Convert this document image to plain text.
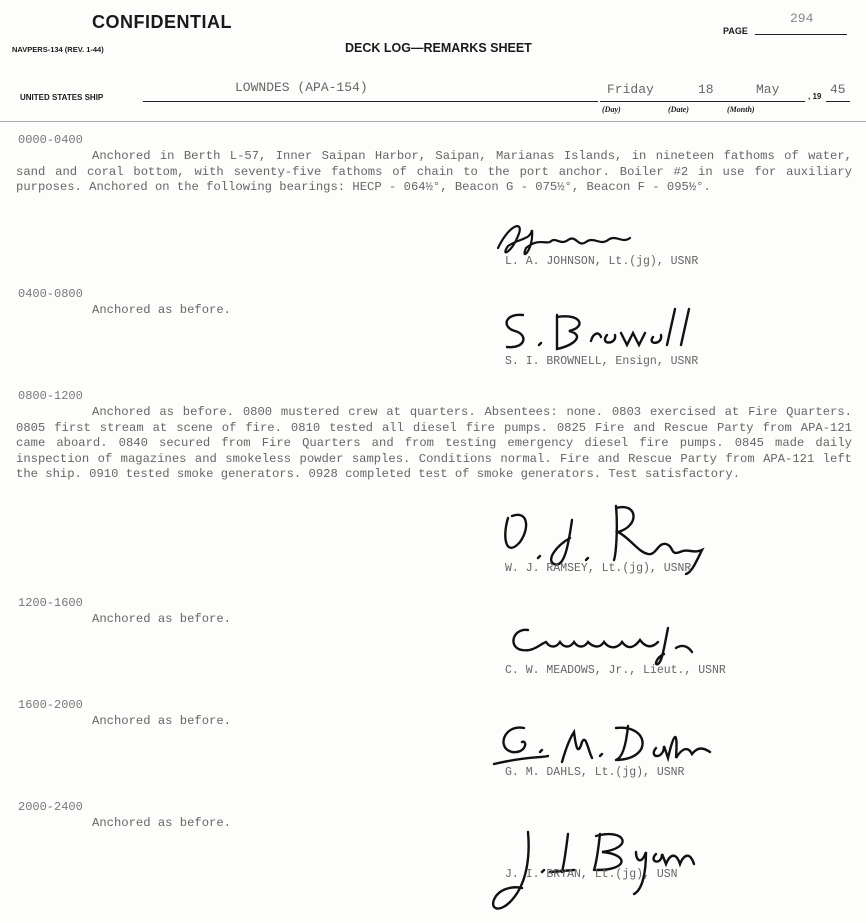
CONFIDENTIAL	PAGE
294
NAVPERS-134 (REV. 1-44)	DECK LOG—REMARKS SHEET
UNITED STATES SHIP
LOWNDES (APA-154)	Friday	18	May
(Day)	(Date)	(Month)
, 19 45
0000-0400

Anchored in Berth L-57, Inner Saipan Harbor, Saipan, Marianas Islands, in nineteen fathoms of water, sand and coral bottom, with seventy-five fathoms of chain to the port anchor. Boiler #2 in use for auxiliary purposes. Anchored on the following bearings: HECP - 064½°, Beacon G - 075½°, Beacon F - 095½°.

L. A. JOHNSON, Lt.(jg), USNR
0400-0800
Anchored as before.
S. I. BROWNELL, Ensign, USNR
0800-1200

Anchored as before. 0800 mustered crew at quarters. Absentees: none. 0803 exercised at Fire Quarters. 0805 first stream at scene of fire. 0810 tested all diesel fire pumps. 0825 Fire and Rescue Party from APA-121 came aboard. 0840 secured from Fire Quarters and from testing emergency diesel fire pumps. 0845 made daily inspection of magazines and smokeless powder samples. Conditions normal. Fire and Rescue Party from APA-121 left the ship. 0910 tested smoke generators. 0928 completed test of smoke generators. Test satisfactory.

W. J. RAMSEY, Lt.(jg), USNR
1200-1600
Anchored as before.
C. W. MEADOWS, Jr., Lieut., USNR
1600-2000
Anchored as before.
G. M. DAHLS, Lt.(jg), USNR
2000-2400
Anchored as before.
J. I. BRYAN, Lt.(jg), USN
